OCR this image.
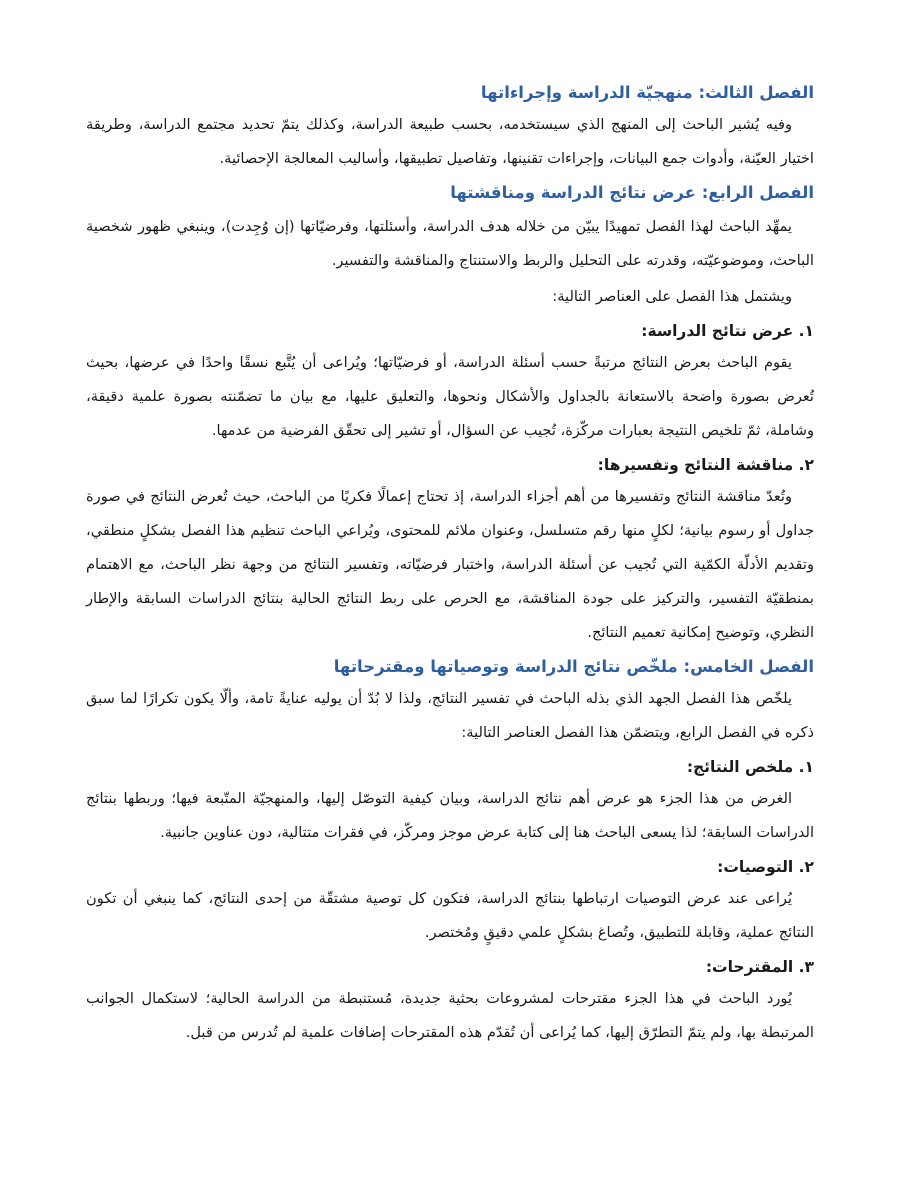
الفصل الثالث: منهجيّة الدراسة وإجراءاتها

وفيه يُشير الباحث إلى المنهج الذي سيستخدمه، بحسب طبيعة الدراسة، وكذلك يتمّ تحديد مجتمع الدراسة، وطريقة اختيار العيّنة، وأدوات جمع البيانات، وإجراءات تقنينها، وتفاصيل تطبيقها، وأساليب المعالجة الإحصائية.

الفصل الرابع: عرض نتائج الدراسة ومناقشتها

يمهِّد الباحث لهذا الفصل تمهيدًا يبيّن من خلاله هدف الدراسة، وأسئلتها، وفرضيّاتها (إن وُجِدت)، وينبغي ظهور شخصية الباحث، وموضوعيّته، وقدرته على التحليل والربط والاستنتاج والمناقشة والتفسير.

ويشتمل هذا الفصل على العناصر التالية:

١. عرض نتائج الدراسة:

يقوم الباحث بعرض النتائج مرتبةً حسب أسئلة الدراسة، أو فرضيّاتها؛ ويُراعى أن يُتَّبع نسقًا واحدًا في عرضها، بحيث تُعرض بصورة واضحة بالاستعانة بالجداول والأشكال ونحوها، والتعليق عليها، مع بيان ما تضمّنته بصورة علمية دقيقة، وشاملة، ثمّ تلخيص النتيجة بعبارات مركّزة، تُجيب عن السؤال، أو تشير إلى تحقّق الفرضية من عدمها.

٢. مناقشة النتائج وتفسيرها:

وتُعدّ مناقشة النتائج وتفسيرها من أهم أجزاء الدراسة، إذ تحتاج إعمالًا فكريًا من الباحث، حيث تُعرض النتائج في صورة جداول أو رسوم بيانية؛ لكلٍ منها رقم متسلسل، وعنوان ملائم للمحتوى، ويُراعي الباحث تنظيم هذا الفصل بشكلٍ منطقي، وتقديم الأدلّة الكمّية التي تُجيب عن أسئلة الدراسة، واختبار فرضيّاته، وتفسير النتائج من وجهة نظر الباحث، مع الاهتمام بمنطقيّة التفسير، والتركيز على جودة المناقشة، مع الحرص على ربط النتائج الحالية بنتائج الدراسات السابقة والإطار النظري، وتوضيح إمكانية تعميم النتائج.

الفصل الخامس: ملخّص نتائج الدراسة وتوصياتها ومقترحاتها

يلخّص هذا الفصل الجهد الذي بذله الباحث في تفسير النتائج، ولذا لا بُدّ أن يوليه عنايةً تامة، وألّا يكون تكرارًا لما سبق ذكره في الفصل الرابع، ويتضمّن هذا الفصل العناصر التالية:

١. ملخص النتائج:

الغرض من هذا الجزء هو عرض أهم نتائج الدراسة، وبيان كيفية التوصّل إليها، والمنهجيّة المتّبعة فيها؛ وربطها بنتائج الدراسات السابقة؛ لذا يسعى الباحث هنا إلى كتابة عرض موجز ومركّز، في فقرات متتالية، دون عناوين جانبية.

٢. التوصيات:

يُراعى عند عرض التوصيات ارتباطها بنتائج الدراسة، فتكون كل توصية مشتقّة من إحدى النتائج، كما ينبغي أن تكون النتائج عملية، وقابلة للتطبيق، وتُصاغ بشكلٍ علمي دقيقٍ ومُختصر.

٣. المقترحات:

يُورد الباحث في هذا الجزء مقترحات لمشروعات بحثية جديدة، مُستنبطة من الدراسة الحالية؛ لاستكمال الجوانب المرتبطة بها، ولم يتمّ التطرّق إليها، كما يُراعى أن تُقدّم هذه المقترحات إضافات علمية لم تُدرس من قبل.
